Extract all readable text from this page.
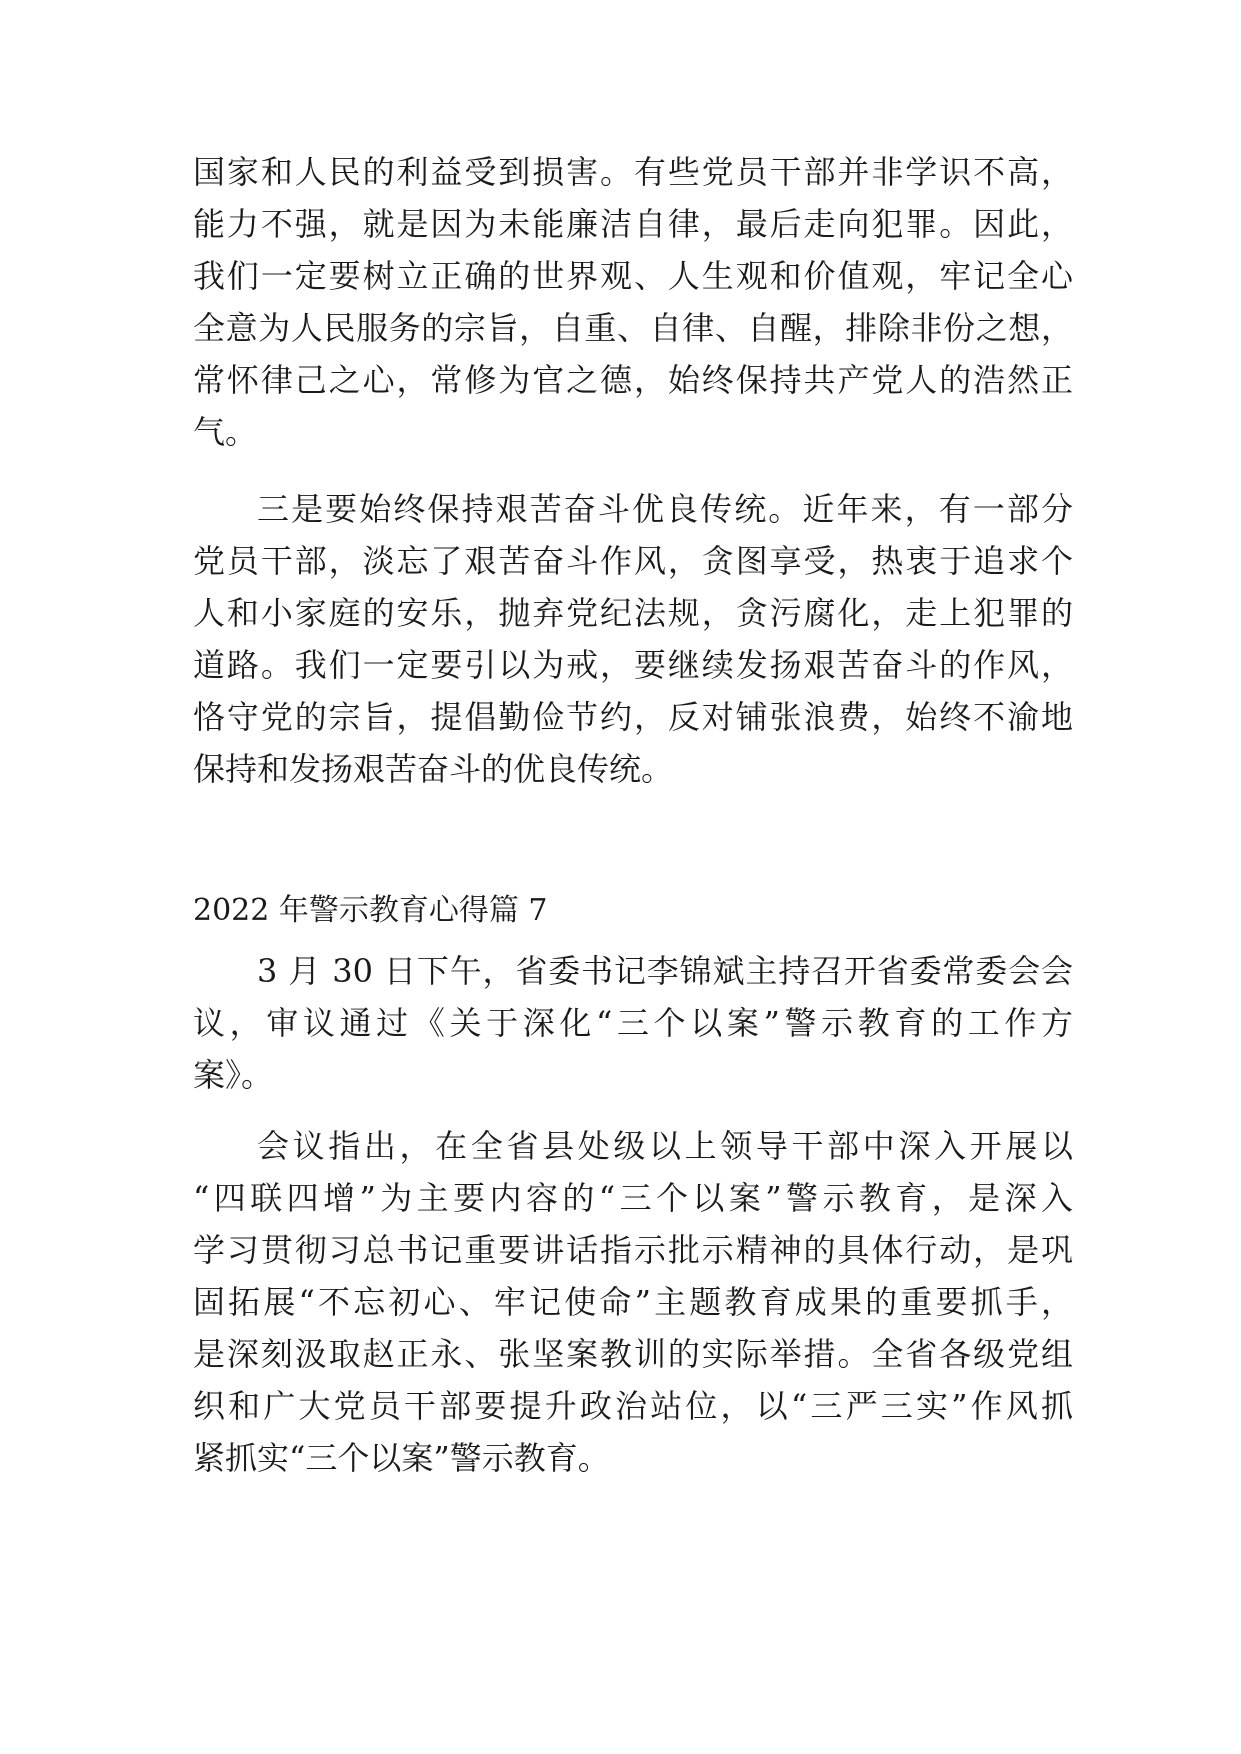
国家和人民的利益受到损害。有些党员干部并非学识不高，
能力不强，就是因为未能廉洁自律，最后走向犯罪。因此，
我们一定要树立正确的世界观、人生观和价值观，牢记全心
全意为人民服务的宗旨，自重、自律、自醒，排除非份之想，
常怀律己之心，常修为官之德，始终保持共产党人的浩然正
气。
三是要始终保持艰苦奋斗优良传统。近年来，有一部分
党员干部，淡忘了艰苦奋斗作风，贪图享受，热衷于追求个
人和小家庭的安乐，抛弃党纪法规，贪污腐化，走上犯罪的
道路。我们一定要引以为戒，要继续发扬艰苦奋斗的作风，
恪守党的宗旨，提倡勤俭节约，反对铺张浪费，始终不渝地
保持和发扬艰苦奋斗的优良传统。
2022 年警示教育心得篇 7
3 月 30 日下午，省委书记李锦斌主持召开省委常委会会
议，审议通过《关于深化“三个以案”警示教育的工作方
案》。
会议指出，在全省县处级以上领导干部中深入开展以
“四联四增”为主要内容的“三个以案”警示教育，是深入
学习贯彻习总书记重要讲话指示批示精神的具体行动，是巩
固拓展“不忘初心、牢记使命”主题教育成果的重要抓手，
是深刻汲取赵正永、张坚案教训的实际举措。全省各级党组
织和广大党员干部要提升政治站位，以“三严三实”作风抓
紧抓实“三个以案”警示教育。
